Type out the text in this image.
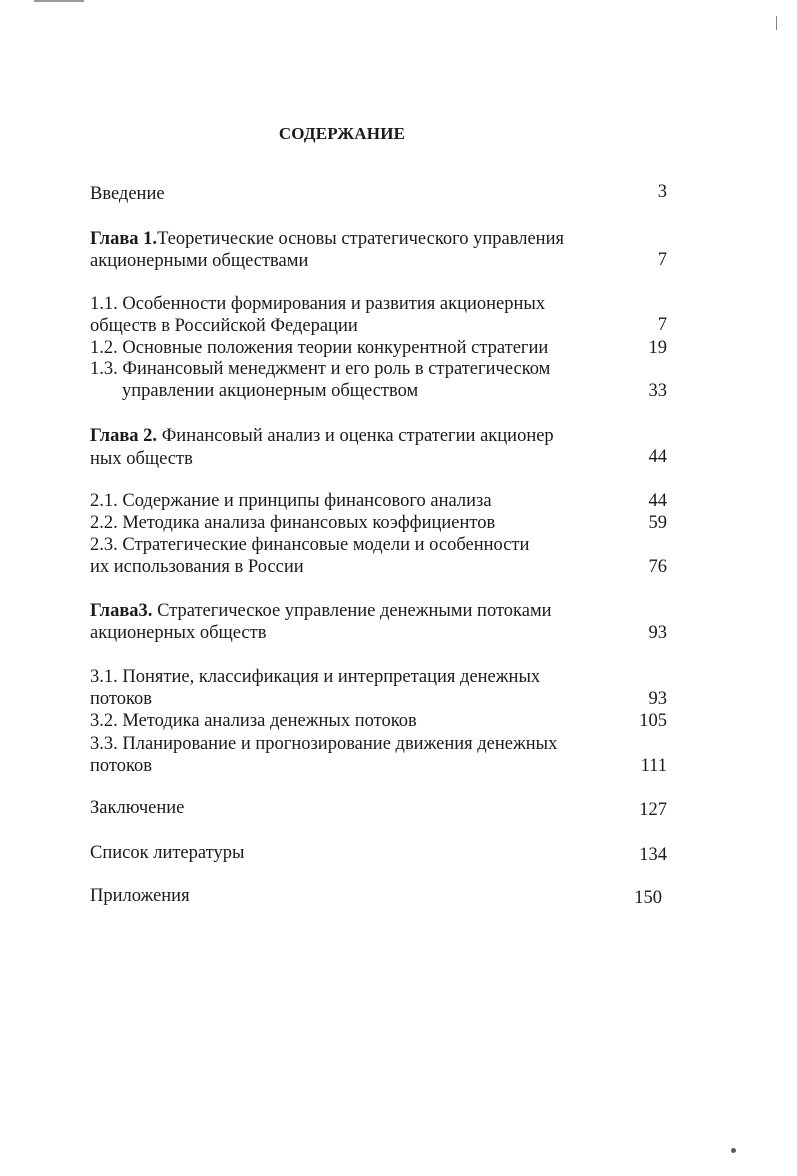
СОДЕРЖАНИЕ
Введение	3
Глава 1.Теоретические основы стратегического управления
акционерными обществами	7
1.1. Особенности формирования и развития акционерных
обществ в Российской Федерации	7
1.2. Основные положения теории конкурентной стратегии	19
1.3. Финансовый менеджмент и его роль в стратегическом
управлении акционерным обществом	33
Глава 2. Финансовый анализ и оценка стратегии акционер
ных обществ	44
2.1. Содержание и принципы финансового анализа	44
2.2. Методика анализа финансовых коэффициентов	59
2.3. Стратегические финансовые модели и особенности
их использования в России	76
Глава3. Стратегическое управление денежными потоками
акционерных обществ	93
3.1. Понятие, классификация и интерпретация денежных
потоков	93
3.2. Методика анализа денежных потоков	105
3.3. Планирование и прогнозирование движения денежных
потоков	111
Заключение	127
Список литературы	134
Приложения	150
